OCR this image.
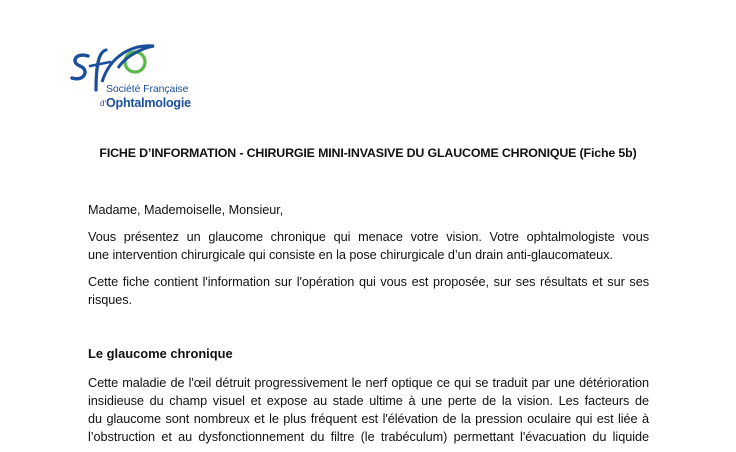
Société Française
d'Ophtalmologie
FICHE D’INFORMATION - CHIRURGIE MINI-INVASIVE DU GLAUCOME CHRONIQUE (Fiche 5b)
Madame, Mademoiselle, Monsieur,
Vous présentez un glaucome chronique qui menace votre vision. Votre ophtalmologiste vous
une intervention chirurgicale qui consiste en la pose chirurgicale d’un drain anti-glaucomateux.
Cette fiche contient l'information sur l'opération qui vous est proposée, sur ses résultats et sur ses
risques.
Le glaucome chronique
Cette maladie de l'œil détruit progressivement le nerf optique ce qui se traduit par une détérioration
insidieuse du champ visuel et expose au stade ultime à une perte de la vision. Les facteurs de
du glaucome sont nombreux et le plus fréquent est l'élévation de la pression oculaire qui est liée à
l’obstruction et au dysfonctionnement du filtre (le trabéculum) permettant l'évacuation du liquide
